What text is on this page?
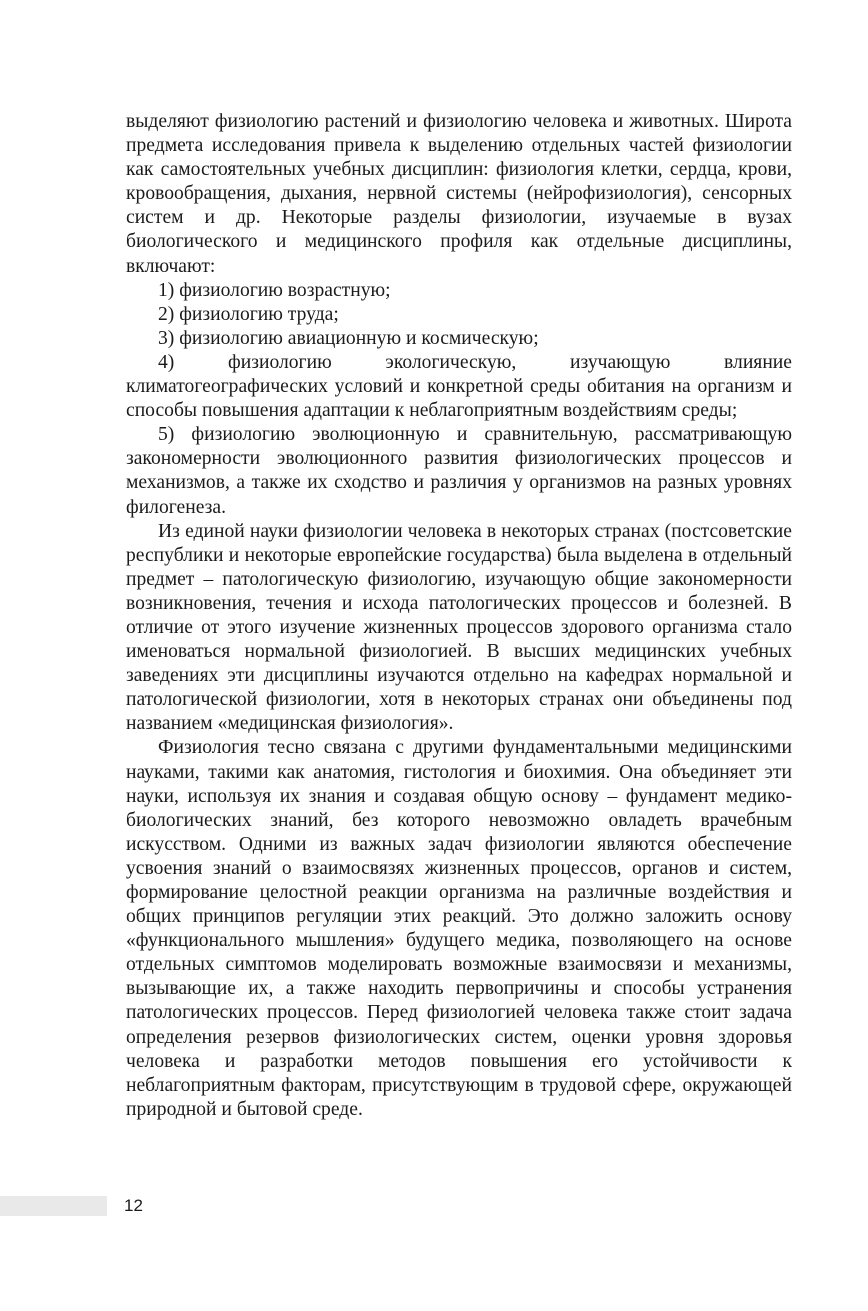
выделяют физиологию растений и физиологию человека и животных. Широта предмета исследования привела к выделению отдельных частей физиологии как самостоятельных учебных дисциплин: физиология клетки, сердца, крови, кровообращения, дыхания, нервной системы (нейрофизиология), сенсорных систем и др. Некоторые разделы физиологии, изучаемые в вузах биологического и медицинского профиля как отдельные дисциплины, включают:

1) физиологию возрастную;

2) физиологию труда;

3) физиологию авиационную и космическую;

4) физиологию экологическую, изучающую влияние климатогеографических условий и конкретной среды обитания на организм и способы повышения адаптации к неблагоприятным воздействиям среды;

5) физиологию эволюционную и сравнительную, рассматривающую закономерности эволюционного развития физиологических процессов и механизмов, а также их сходство и различия у организмов на разных уровнях филогенеза.

Из единой науки физиологии человека в некоторых странах (постсоветские республики и некоторые европейские государства) была выделена в отдельный предмет – патологическую физиологию, изучающую общие закономерности возникновения, течения и исхода патологических процессов и болезней. В отличие от этого изучение жизненных процессов здорового организма стало именоваться нормальной физиологией. В высших медицинских учебных заведениях эти дисциплины изучаются отдельно на кафедрах нормальной и патологической физиологии, хотя в некоторых странах они объединены под названием «медицинская физиология».

Физиология тесно связана с другими фундаментальными медицинскими науками, такими как анатомия, гистология и биохимия. Она объединяет эти науки, используя их знания и создавая общую основу – фундамент медико-биологических знаний, без которого невозможно овладеть врачебным искусством. Одними из важных задач физиологии являются обеспечение усвоения знаний о взаимосвязях жизненных процессов, органов и систем, формирование целостной реакции организма на различные воздействия и общих принципов регуляции этих реакций. Это должно заложить основу «функционального мышления» будущего медика, позволяющего на основе отдельных симптомов моделировать возможные взаимосвязи и механизмы, вызывающие их, а также находить первопричины и способы устранения патологических процессов. Перед физиологией человека также стоит задача определения резервов физиологических систем, оценки уровня здоровья человека и разработки методов повышения его устойчивости к неблагоприятным факторам, присутствующим в трудовой сфере, окружающей природной и бытовой среде.

12
